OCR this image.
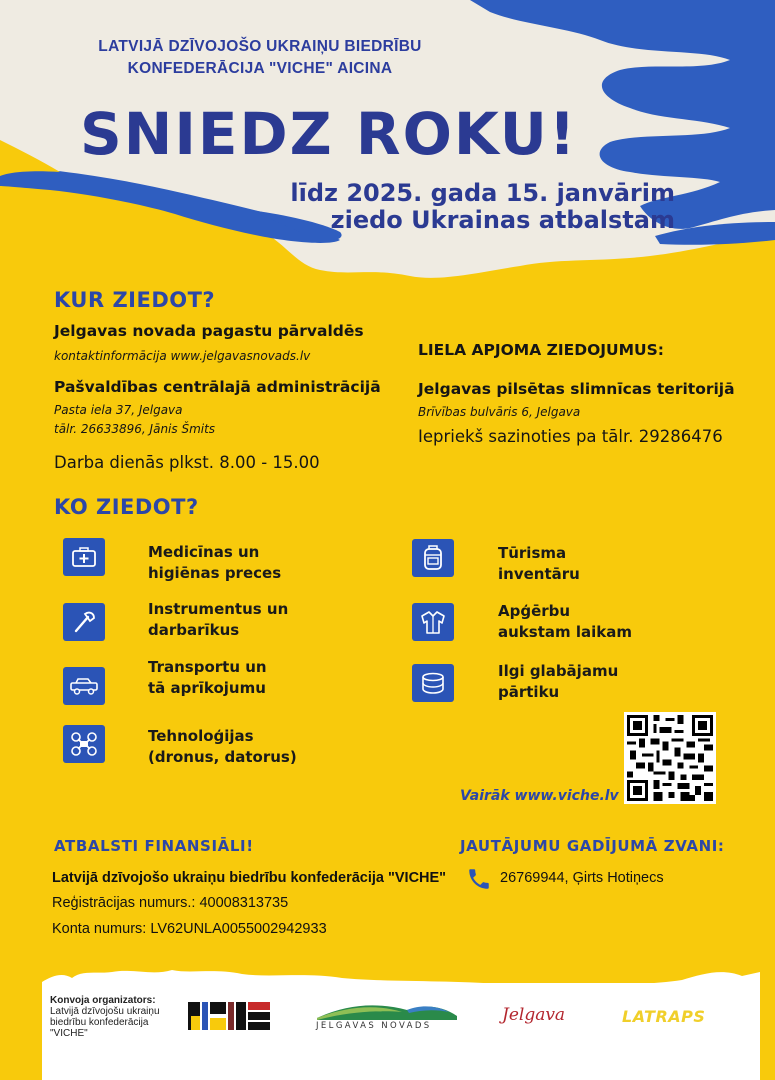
LATVIJĀ DZĪVOJOŠO UKRAIŅU BIEDRĪBU
KONFEDERĀCIJA "VICHE" AICINA
SNIEDZ ROKU!
līdz 2025. gada 15. janvārim
ziedo Ukrainas atbalstam
KUR ZIEDOT?
Jelgavas novada pagastu pārvaldēs
kontaktinformācija www.jelgavasnovads.lv
Pašvaldības centrālajā administrācijā
Pasta iela 37, Jelgava
tālr. 26633896, Jānis Šmits
Darba dienās plkst. 8.00 - 15.00
LIELA APJOMA ZIEDOJUMUS:
Jelgavas pilsētas slimnīcas teritorijā
Brīvības bulvāris 6, Jelgava
Iepriekš sazinoties pa tālr. 29286476
KO ZIEDOT?
Medicīnas un
higiēnas preces
Instrumentus un
darbarīkus
Transportu un
tā aprīkojumu
Tehnoloģijas
(dronus, datorus)
Tūrisma
inventāru
Apģērbu
aukstam laikam
Ilgi glabājamu
pārtiku
Vairāk www.viche.lv
ATBALSTI FINANSIĀLI!
Latvijā dzīvojošo ukraiņu biedrību konfederācija "VICHE"
Reģistrācijas numurs.: 40008313735
Konta numurs: LV62UNLA0055002942933
JAUTĀJUMU GADĪJUMĀ ZVANI:
26769944, Ģirts Hotiņecs
Konvoja organizators:
Latvijā dzīvojošu ukraiņu
biedrību konfederācija
"VICHE"
JELGAVAS NOVADS
Jelgava	LATRAPS
